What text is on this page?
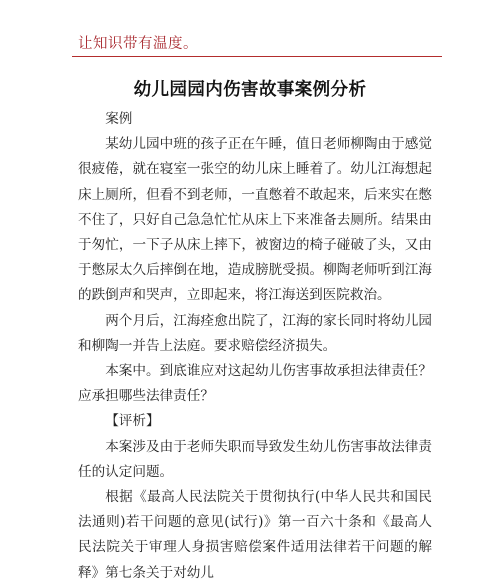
让知识带有温度。
幼儿园园内伤害故事案例分析

案例

某幼儿园中班的孩子正在午睡，值日老师柳陶由于感觉很疲倦，就在寝室一张空的幼儿床上睡着了。幼儿江海想起床上厕所，但看不到老师，一直憋着不敢起来，后来实在憋不住了，只好自己急急忙忙从床上下来准备去厕所。结果由于匆忙，一下子从床上摔下，被窗边的椅子碰破了头，又由于憋尿太久后摔倒在地，造成膀胱受损。柳陶老师听到江海的跌倒声和哭声，立即起来，将江海送到医院救治。

两个月后，江海痊愈出院了，江海的家长同时将幼儿园和柳陶一并告上法庭。要求赔偿经济损失。

本案中。到底谁应对这起幼儿伤害事故承担法律责任？应承担哪些法律责任？

【评析】

本案涉及由于老师失职而导致发生幼儿伤害事故法律责任的认定问题。

根据《最高人民法院关于贯彻执行(中华人民共和国民法通则)若干问题的意见(试行)》第一百六十条和《最高人民法院关于审理人身损害赔偿案件适用法律若干问题的解释》第七条关于对幼儿
